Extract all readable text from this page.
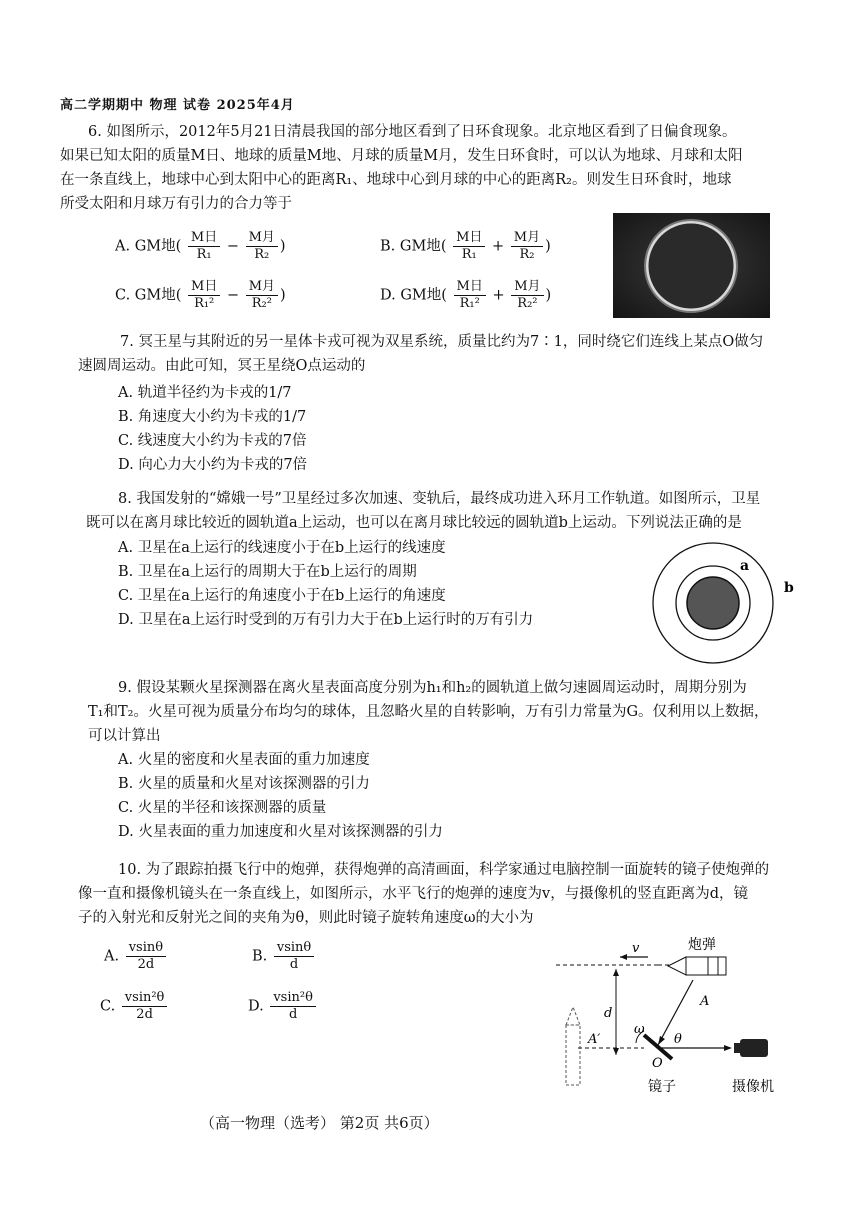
高二学期期中 物理 试卷 2025年4月
6. 如图所示，2012年5月21日清晨我国的部分地区看到了日环食现象。北京地区看到了日偏食现象。
如果已知太阳的质量M日、地球的质量M地、月球的质量M月，发生日环食时，可以认为地球、月球和太阳
在一条直线上，地球中心到太阳中心的距离R₁、地球中心到月球的中心的距离R₂。则发生日环食时，地球
所受太阳和月球万有引力的合力等于
A. GM地( $\frac{\text{M日}}{\text{R₁}} - \frac{\text{M月}}{\text{R₂}}$ )	B. GM地( $\frac{\text{M日}}{\text{R₁}} + \frac{\text{M月}}{\text{R₂}}$ )
C. GM地( $\frac{\text{M日}}{\text{R₁²}} - \frac{\text{M月}}{\text{R₂²}}$ )	D. GM地( $\frac{\text{M日}}{\text{R₁²}} + \frac{\text{M月}}{\text{R₂²}}$ )
7. 冥王星与其附近的另一星体卡戎可视为双星系统，质量比约为7∶1，同时绕它们连线上某点O做匀
速圆周运动。由此可知，冥王星绕O点运动的
A. 轨道半径约为卡戎的1/7
B. 角速度大小约为卡戎的1/7
C. 线速度大小约为卡戎的7倍
D. 向心力大小约为卡戎的7倍
8. 我国发射的“嫦娥一号”卫星经过多次加速、变轨后，最终成功进入环月工作轨道。如图所示，卫星
既可以在离月球比较近的圆轨道a上运动，也可以在离月球比较远的圆轨道b上运动。下列说法正确的是
A. 卫星在a上运行的线速度小于在b上运行的线速度
B. 卫星在a上运行的周期大于在b上运行的周期
C. 卫星在a上运行的角速度小于在b上运行的角速度
D. 卫星在a上运行时受到的万有引力大于在b上运行时的万有引力
a
b
9. 假设某颗火星探测器在离火星表面高度分别为h₁和h₂的圆轨道上做匀速圆周运动时，周期分别为
T₁和T₂。火星可视为质量分布均匀的球体，且忽略火星的自转影响，万有引力常量为G。仅利用以上数据，
可以计算出
A. 火星的密度和火星表面的重力加速度
B. 火星的质量和火星对该探测器的引力
C. 火星的半径和该探测器的质量
D. 火星表面的重力加速度和火星对该探测器的引力
10. 为了跟踪拍摄飞行中的炮弹，获得炮弹的高清画面，科学家通过电脑控制一面旋转的镜子使炮弹的
像一直和摄像机镜头在一条直线上，如图所示，水平飞行的炮弹的速度为v，与摄像机的竖直距离为d，镜
子的入射光和反射光之间的夹角为θ，则此时镜子旋转角速度ω的大小为
A. $\frac{vsin\theta}{2d}$	B. $\frac{vsin\theta}{d}$
C. $\frac{\text{vsin²θ}}{2d}$	D. $\frac{\text{vsin²θ}}{d}$
v	炮弹
d
A
ω
θ
O
镜子
A′
摄像机
（高一物理（选考） 第2页 共6页）
